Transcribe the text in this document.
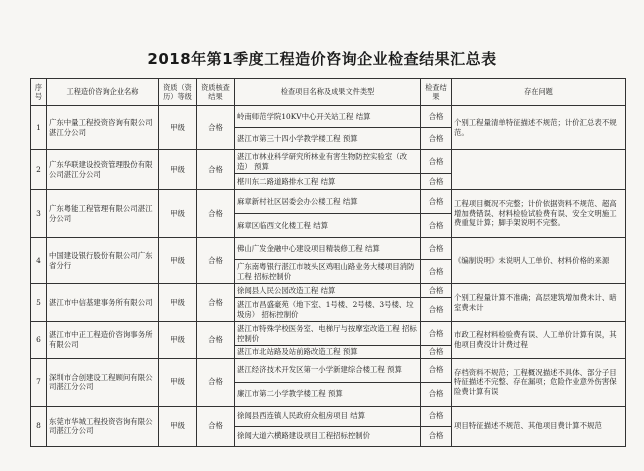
2018年第1季度工程造价咨询企业检查结果汇总表
序号	工程造价咨询企业名称	资质（资历）等级	资质核查结果	检查项目名称及成果文件类型	检查结果	存在问题
1	广东中量工程投资咨询有限公司湛江分公司	甲级	合格	岭南师范学院10KV中心开关站工程 结算	合格	个别工程量清单特征描述不规范；计价汇总表不规范。
				湛江市第三十四小学教学楼工程 预算	合格	
2	广东华联建设投资管理股份有限公司湛江分公司	甲级	合格	湛江市林业科学研究所林业有害生物防控实验室（改造） 预算	合格	
				椹川东二路道路排水工程 结算	合格	
3	广东粤能工程管理有限公司湛江分公司	甲级	合格	麻章新村社区居委会办公楼工程 结算	合格	工程项目概况不完整；计价依据资料不规范、超高增加费错误、材料检验试验费有误、安全文明施工费重复计算；脚手架说明不完整。
				麻章区临西文化楼工程 结算	合格	
4	中国建设银行股份有限公司广东省分行	甲级	合格	佛山广发金融中心建设项目精装修工程 结算	合格	《编制说明》未说明人工单价、材料价格的来源
				广东南粤银行湛江市坡头区鸡咀山路业务大楼项目消防工程 招标控制价	合格	
5	湛江市中信基建事务所有限公司	甲级	合格	徐闻县人民公园改造工程 结算	合格	个别工程量计算不准确；高层建筑增加费未计、暗室费未计
				湛江市昌盛豪苑（地下室、1号楼、2号楼、3号楼、垃圾房） 招标控制价	合格	
6	湛江市中正工程造价咨询事务所有限公司	甲级	合格	湛江市特殊学校医务室、电梯厅与按摩室改造工程 招标控制价	合格	市政工程材料检验费有误、人工单价计算有误，其他项目费没计计费过程
				湛江市北站路及站前路改造工程 预算	合格	
7	深圳市合创建设工程顾问有限公司湛江分公司	甲级	合格	湛江经济技术开发区第一小学新建综合楼工程 预算	合格	存档资料不规范；工程概况描述不具体、部分子目特征描述不完整、存在漏项；危险作业意外伤害保险费计算有误
				廉江市第二小学教学楼工程 预算	合格	
8	东莞市华城工程投资咨询有限公司湛江分公司	甲级	合格	徐闻县西连镇人民政府众租房项目 结算	合格	项目特征描述不规范、其他项目费计算不规范
				徐闻大道六横路建设项目工程招标控制价	合格	
